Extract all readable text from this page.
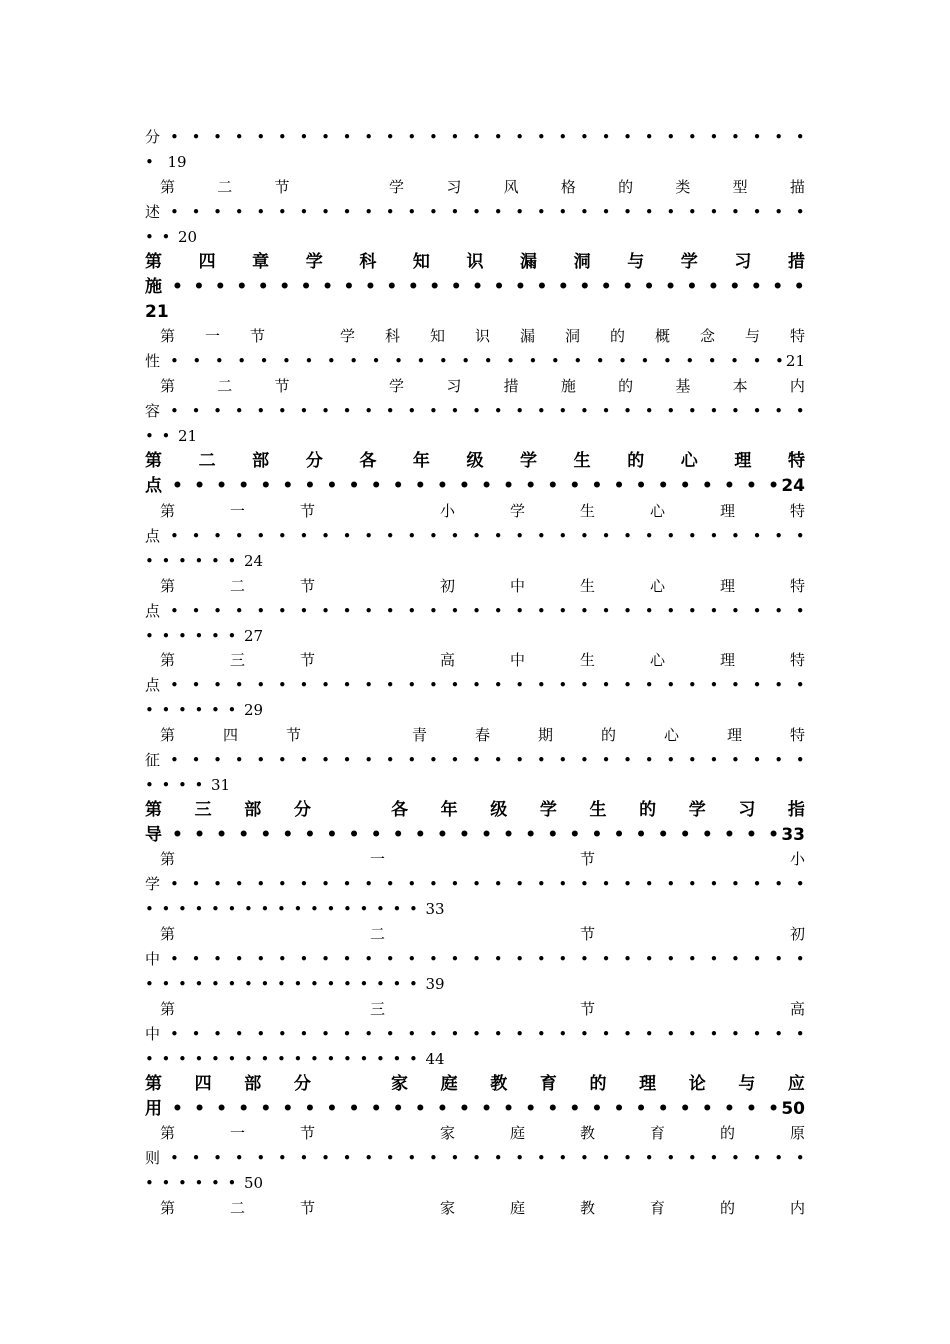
分 • • • • • • • • • • • • • • • • • • • • • • • • • • • • • •
• 19
第	二	节	学	习	风	格	的	类	型	描
述 • • • • • • • • • • • • • • • • • • • • • • • • • • • • • •
• • 20
第 四 章 学 科 知 识 漏 洞 与 学 习 措
施 • • • • • • • • • • • • • • • • • • • • • • • • • • • • • •
21
第 一 节	学 科 知 识 漏 洞 的 概 念 与 特
性 • • • • • • • • • • • • • • • • • • • • • • • • • • • • 21
第	二	节	学	习	措	施	的	基	本	内
容 • • • • • • • • • • • • • • • • • • • • • • • • • • • • • •
• • 21
第 二 部 分 各 年 级 学 生 的 心 理 特
点 • • • • • • • • • • • • • • • • • • • • • • • • • • • • 24
第	一	节	小	学	生	心	理	特
点 • • • • • • • • • • • • • • • • • • • • • • • • • • • • • •
• • • • • • 24
第	二	节	初	中	生	心	理	特
点 • • • • • • • • • • • • • • • • • • • • • • • • • • • • • •
• • • • • • 27
第	三	节	高	中	生	心	理	特
点 • • • • • • • • • • • • • • • • • • • • • • • • • • • • • •
• • • • • • 29
第	四	节	青	春	期	的	心	理	特
征 • • • • • • • • • • • • • • • • • • • • • • • • • • • • • •
• • • • 31
第 三 部 分	各 年 级 学 生 的 学 习 指
导 • • • • • • • • • • • • • • • • • • • • • • • • • • • • 33
第	一	节	小
学 • • • • • • • • • • • • • • • • • • • • • • • • • • • • • •
• • • • • • • • • • • • • • • • • 33
第	二	节	初
中 • • • • • • • • • • • • • • • • • • • • • • • • • • • • • •
• • • • • • • • • • • • • • • • • 39
第	三	节	高
中 • • • • • • • • • • • • • • • • • • • • • • • • • • • • • •
• • • • • • • • • • • • • • • • • 44
第 四 部 分	家 庭 教 育 的 理 论 与 应
用 • • • • • • • • • • • • • • • • • • • • • • • • • • • • 50
第	一	节	家	庭	教	育	的	原
则 • • • • • • • • • • • • • • • • • • • • • • • • • • • • • •
• • • • • • 50
第	二	节	家	庭	教	育	的	内
